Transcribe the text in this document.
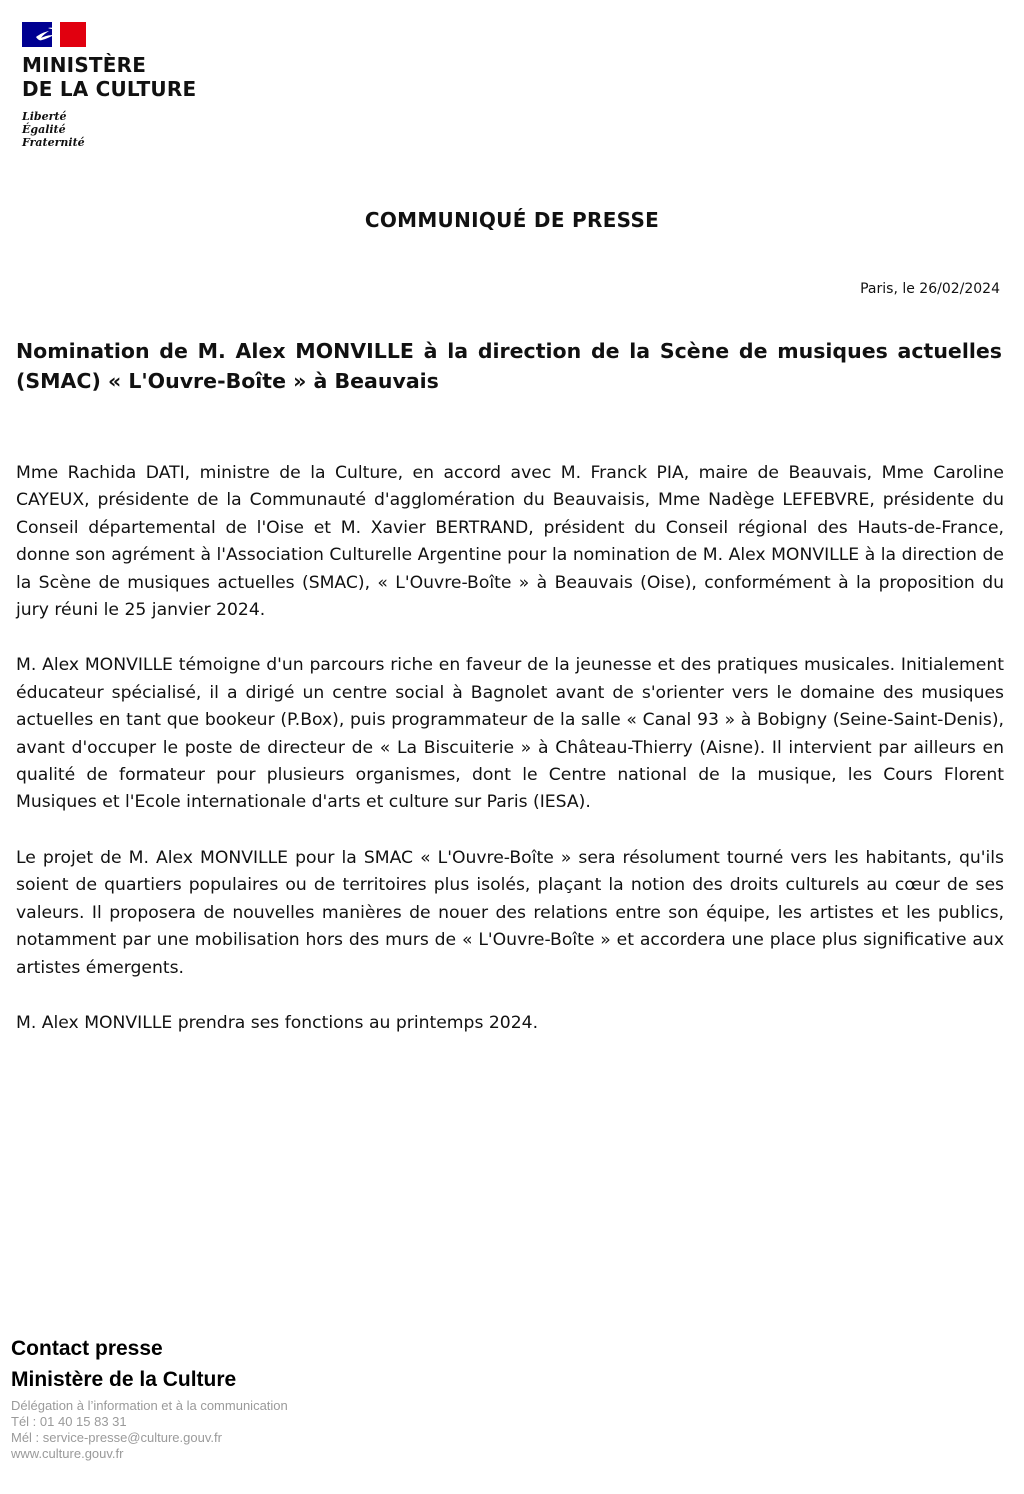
MINISTÈRE
DE LA CULTURE
Liberté
Égalité
Fraternité
COMMUNIQUÉ DE PRESSE
Paris, le 26/02/2024
Nomination de M. Alex MONVILLE à la direction de la Scène de musiques actuelles (SMAC) « L'Ouvre-Boîte » à Beauvais

Mme Rachida DATI, ministre de la Culture, en accord avec M. Franck PIA, maire de Beauvais, Mme Caroline CAYEUX, présidente de la Communauté d'agglomération du Beauvaisis, Mme Nadège LEFEBVRE, présidente du Conseil départemental de l'Oise et M. Xavier BERTRAND, président du Conseil régional des Hauts-de-France, donne son agrément à l'Association Culturelle Argentine pour la nomination de M. Alex MONVILLE à la direction de la Scène de musiques actuelles (SMAC), « L'Ouvre-Boîte » à Beauvais (Oise), conformément à la proposition du jury réuni le 25 janvier 2024.

M. Alex MONVILLE témoigne d'un parcours riche en faveur de la jeunesse et des pratiques musicales. Initialement éducateur spécialisé, il a dirigé un centre social à Bagnolet avant de s'orienter vers le domaine des musiques actuelles en tant que bookeur (P.Box), puis programmateur de la salle « Canal 93 » à Bobigny (Seine-Saint-Denis), avant d'occuper le poste de directeur de « La Biscuiterie » à Château-Thierry (Aisne). Il intervient par ailleurs en qualité de formateur pour plusieurs organismes, dont le Centre national de la musique, les Cours Florent Musiques et l'Ecole internationale d'arts et culture sur Paris (IESA).

Le projet de M. Alex MONVILLE pour la SMAC « L'Ouvre-Boîte » sera résolument tourné vers les habitants, qu'ils soient de quartiers populaires ou de territoires plus isolés, plaçant la notion des droits culturels au cœur de ses valeurs. Il proposera de nouvelles manières de nouer des relations entre son équipe, les artistes et les publics, notamment par une mobilisation hors des murs de « L'Ouvre-Boîte » et accordera une place plus significative aux artistes émergents.

M. Alex MONVILLE prendra ses fonctions au printemps 2024.

Contact presse
Ministère de la Culture
Délégation à l’information et à la communication
Tél : 01 40 15 83 31
Mél : service-presse@culture.gouv.fr
www.culture.gouv.fr
